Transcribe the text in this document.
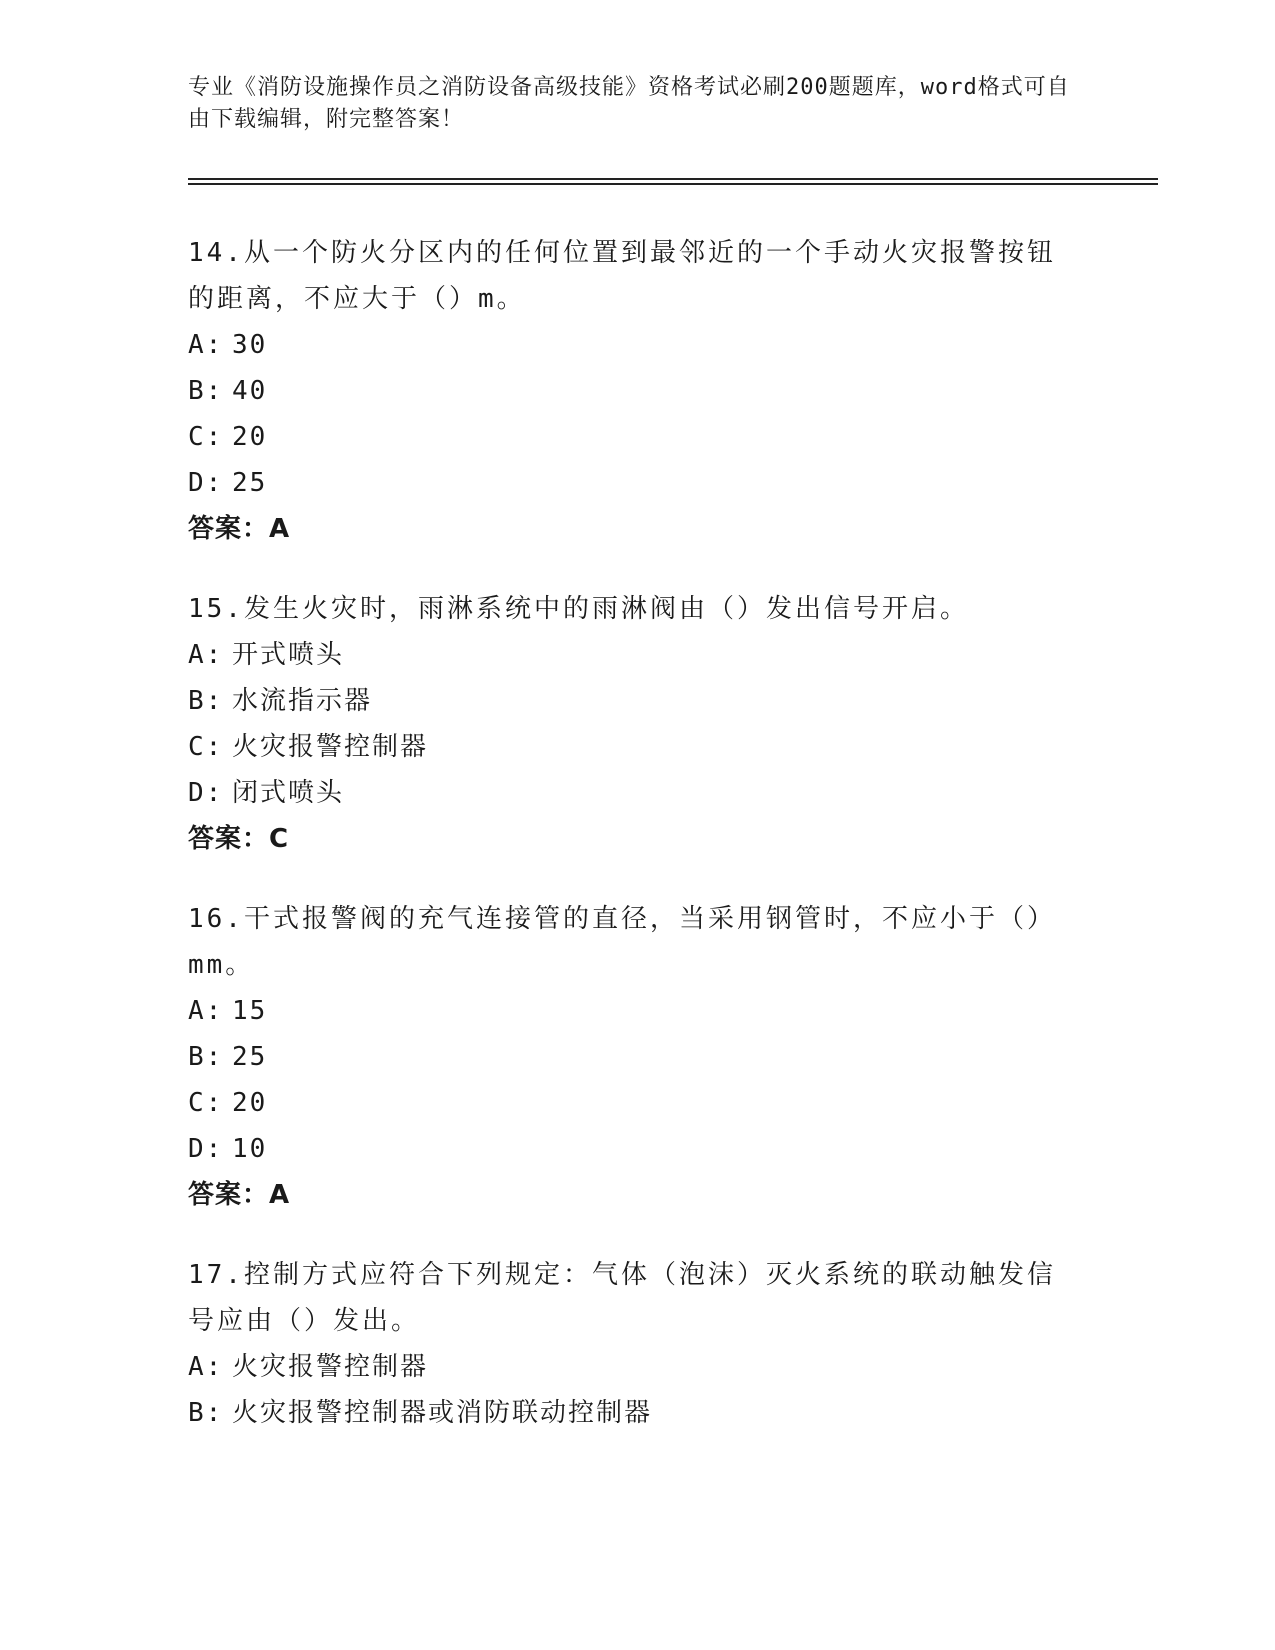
专业《消防设施操作员之消防设备高级技能》资格考试必刷200题题库，word格式可自由下载编辑，附完整答案！

14.从一个防火分区内的任何位置到最邻近的一个手动火灾报警按钮的距离，不应大于（）m。

A: 30
B: 40
C: 20
D: 25

答案：A

15.发生火灾时，雨淋系统中的雨淋阀由（）发出信号开启。

A: 开式喷头
B: 水流指示器
C: 火灾报警控制器
D: 闭式喷头

答案：C

16.干式报警阀的充气连接管的直径，当采用钢管时，不应小于（）mm。

A: 15
B: 25
C: 20
D: 10

答案：A

17.控制方式应符合下列规定：气体（泡沫）灭火系统的联动触发信号应由（）发出。

A: 火灾报警控制器
B: 火灾报警控制器或消防联动控制器
